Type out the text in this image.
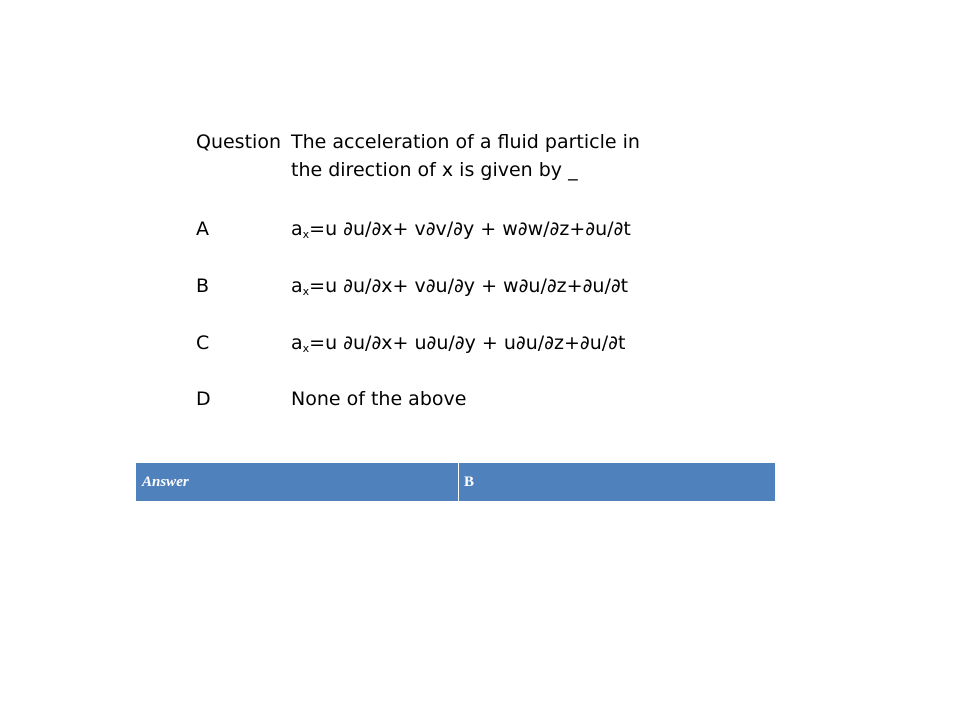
Question The acceleration of a fluid particle in
the direction of x is given by _
A	$a_x=u$ ∂u/∂x+ v∂v/∂y + w∂w/∂z+∂u/∂t
B	$a_x=u$ ∂u/∂x+ v∂u/∂y + w∂u/∂z+∂u/∂t
C	$a_x=u$ ∂u/∂x+ u∂u/∂y + u∂u/∂z+∂u/∂t
D	None of the above
Answer	B
